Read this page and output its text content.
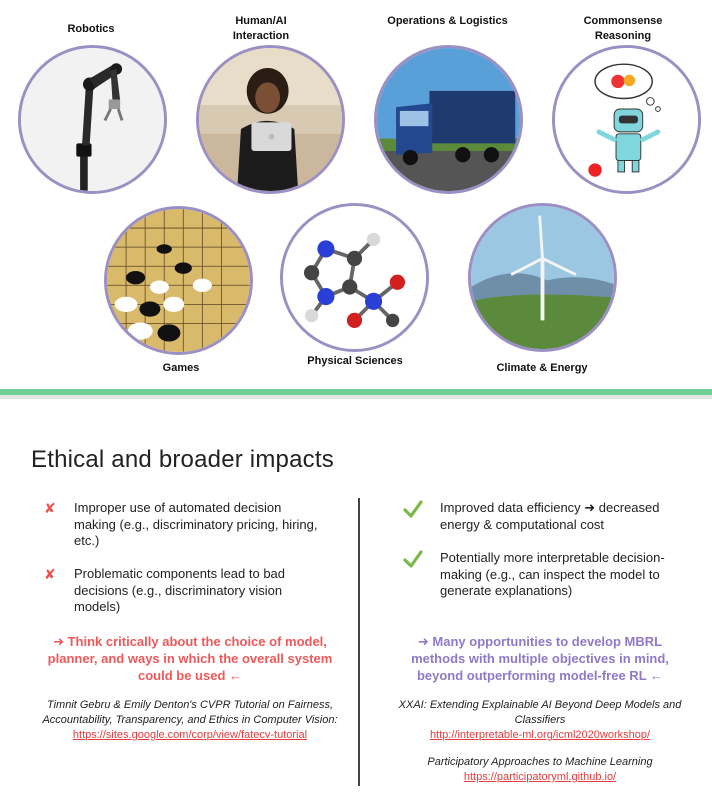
Robotics
Human/AI Interaction
Operations & Logistics	Commonsense Reasoning
Games
Physical Sciences
Climate & Energy
Ethical and broader impacts
✘ Improper use of automated decision making (e.g., discriminatory pricing, hiring, etc.)
✘ Problematic components lead to bad decisions (e.g., discriminatory vision models)
➜ Think critically about the choice of model, planner, and ways in which the overall system could be used ←
Timnit Gebru & Emily Denton's CVPR Tutorial on Fairness, Accountability, Transparency, and Ethics in Computer Vision:
https://sites.google.com/corp/view/fatecv-tutorial
Improved data efficiency ➜ decreased energy & computational cost
Potentially more interpretable decision-making (e.g., can inspect the model to generate explanations)
➜ Many opportunities to develop MBRL methods with multiple objectives in mind, beyond outperforming model-free RL ←
XXAI: Extending Explainable AI Beyond Deep Models and Classifiers
http://interpretable-ml.org/icml2020workshop/
Participatory Approaches to Machine Learning
https://participatoryml.github.io/
